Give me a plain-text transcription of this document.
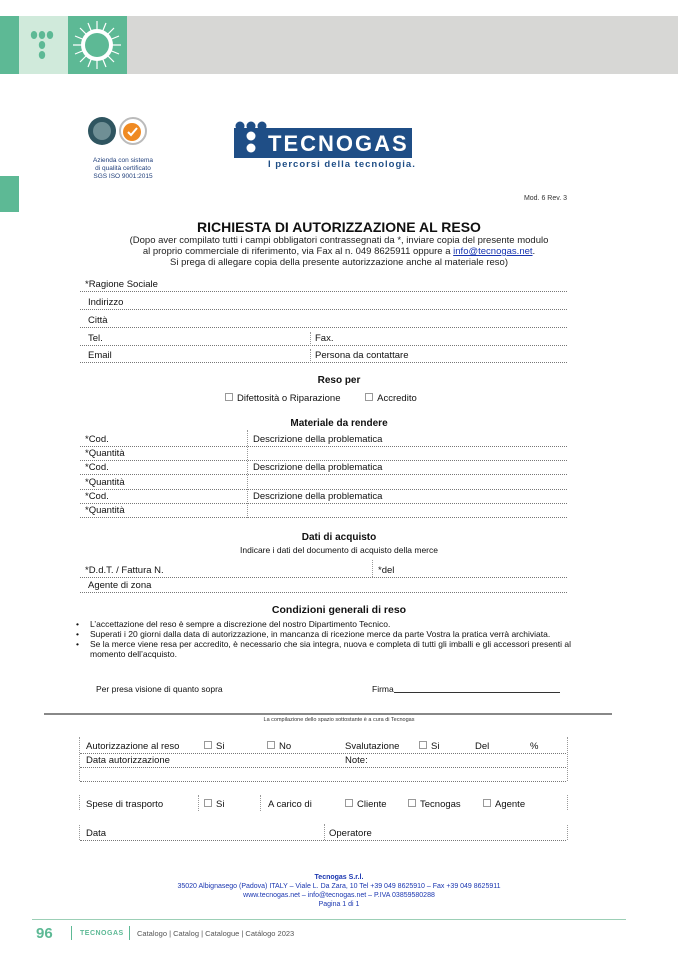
Azienda con sistema
di qualità certificato
SGS ISO 9001:2015
TECNOGAS
I percorsi della tecnologia.
Mod. 6 Rev. 3
RICHIESTA DI AUTORIZZAZIONE AL RESO
(Dopo aver compilato tutti i campi obbligatori contrassegnati da *, inviare copia del presente modulo
al proprio commerciale di riferimento, via Fax al n. 049 8625911 oppure a info@tecnogas.net.
Si prega di allegare copia della presente autorizzazione anche al materiale reso)
*Ragione Sociale
Indirizzo
Città
Tel.	Fax.
Email	Persona da contattare
Reso per
Difettosità o Riparazione	Accredito
Materiale da rendere
*Cod.	Descrizione della problematica
*Quantità
*Cod.	Descrizione della problematica
*Quantità
*Cod.	Descrizione della problematica
*Quantità
Dati di acquisto
Indicare i dati del documento di acquisto della merce
*D.d.T. / Fattura N.	*del
Agente di zona
Condizioni generali di reso
• L’accettazione del reso è sempre a discrezione del nostro Dipartimento Tecnico.
• Superati i 20 giorni dalla data di autorizzazione, in mancanza di ricezione merce da parte Vostra la pratica verrà archiviata.
• Se la merce viene resa per accredito, è necessario che sia integra, nuova e completa di tutti gli imballi e gli accessori presenti al momento dell’acquisto.
Per presa visione di quanto sopra	Firma
La compilazione dello spazio sottostante è a cura di Tecnogas
Autorizzazione al reso	Si	No	Svalutazione	Si	Del	%
Data autorizzazione	Note:
Spese di trasporto	Si	A carico di	Cliente	Tecnogas	Agente
Data	Operatore
Tecnogas S.r.l.
35020 Albignasego (Padova) ITALY – Viale L. Da Zara, 10 Tel +39 049 8625910 – Fax +39 049 8625911
www.tecnogas.net – info@tecnogas.net – P.IVA 03859580288
Pagina 1 di 1
96	TECNOGAS Catalogo | Catalog | Catalogue | Catálogo 2023
